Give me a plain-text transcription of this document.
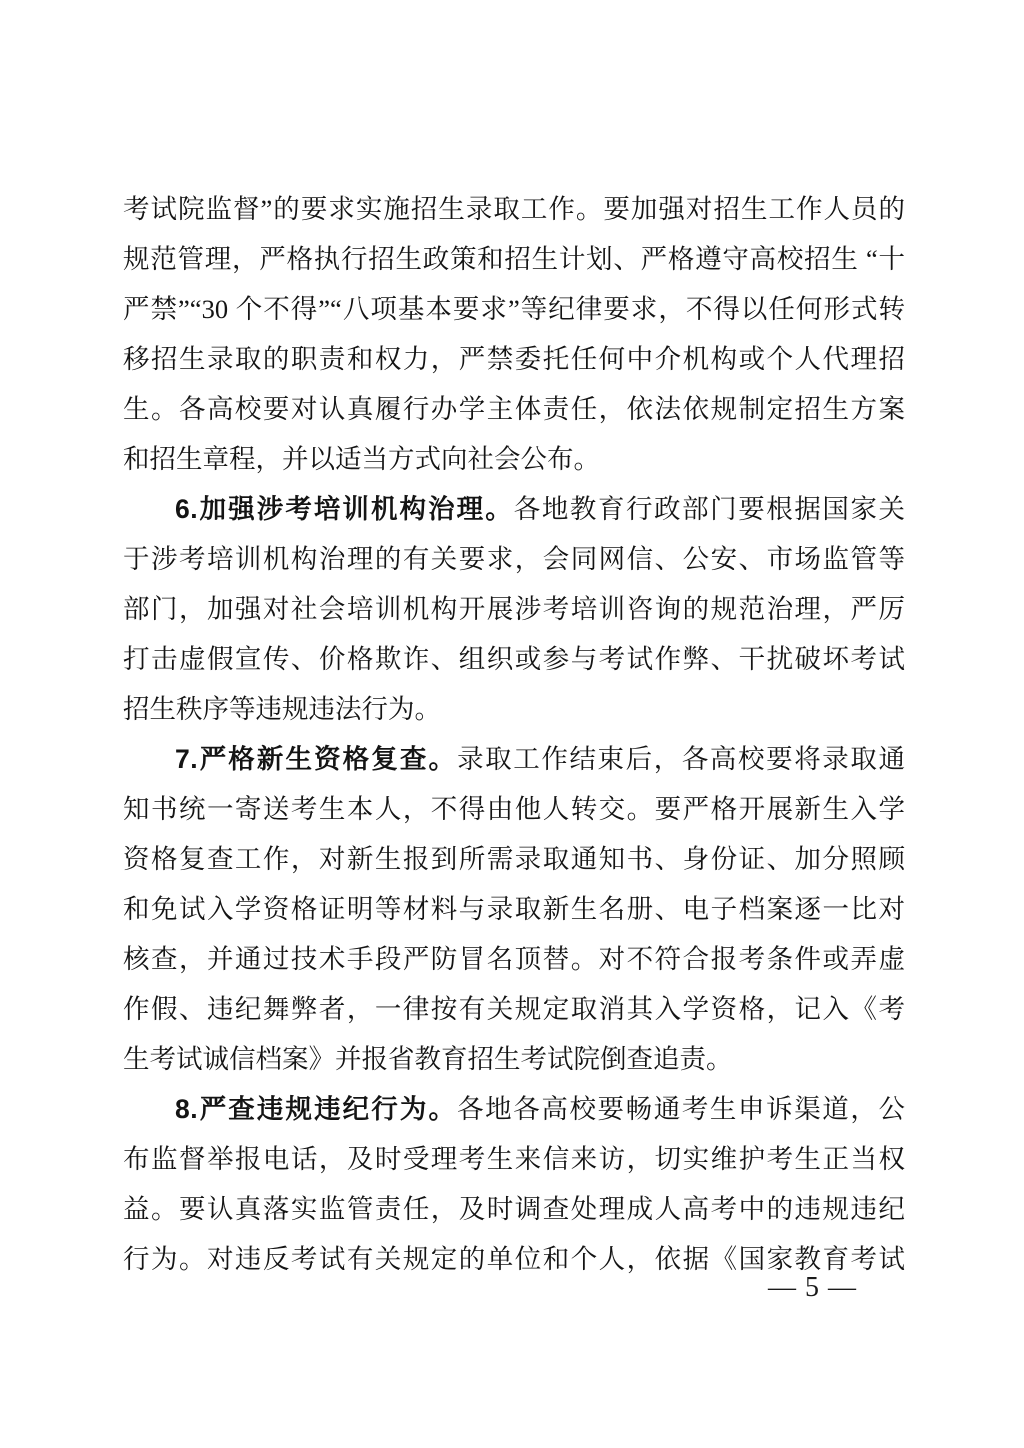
考试院监督”的要求实施招生录取工作。要加强对招生工作人员的
规范管理，严格执行招生政策和招生计划、严格遵守高校招生 “十
严禁”“30 个不得”“八项基本要求”等纪律要求，不得以任何形式转
移招生录取的职责和权力，严禁委托任何中介机构或个人代理招
生。各高校要对认真履行办学主体责任，依法依规制定招生方案
和招生章程，并以适当方式向社会公布。
6.加强涉考培训机构治理。各地教育行政部门要根据国家关
于涉考培训机构治理的有关要求，会同网信、公安、市场监管等
部门，加强对社会培训机构开展涉考培训咨询的规范治理，严厉
打击虚假宣传、价格欺诈、组织或参与考试作弊、干扰破坏考试
招生秩序等违规违法行为。
7.严格新生资格复查。录取工作结束后，各高校要将录取通
知书统一寄送考生本人，不得由他人转交。要严格开展新生入学
资格复查工作，对新生报到所需录取通知书、身份证、加分照顾
和免试入学资格证明等材料与录取新生名册、电子档案逐一比对
核查，并通过技术手段严防冒名顶替。对不符合报考条件或弄虚
作假、违纪舞弊者，一律按有关规定取消其入学资格，记入《考
生考试诚信档案》并报省教育招生考试院倒查追责。
8.严查违规违纪行为。各地各高校要畅通考生申诉渠道，公
布监督举报电话，及时受理考生来信来访，切实维护考生正当权
益。要认真落实监管责任，及时调查处理成人高考中的违规违纪
行为。对违反考试有关规定的单位和个人，依据《国家教育考试
— 5 —
